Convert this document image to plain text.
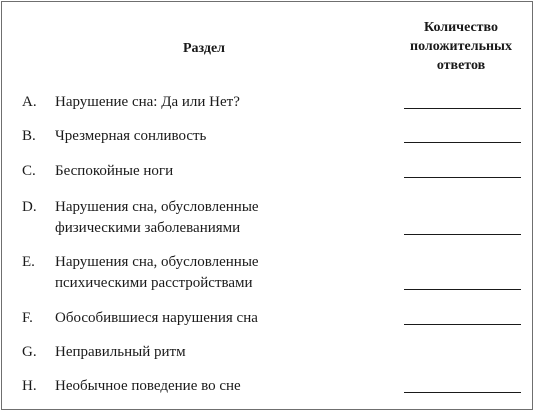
Раздел
Количество
положительных
ответов
A. Нарушение сна: Да или Нет?
B. Чрезмерная сонливость
C. Беспокойные ноги
D. Нарушения сна, обусловленные
физическими заболеваниями
E. Нарушения сна, обусловленные
психическими расстройствами
F. Обособившиеся нарушения сна
G. Неправильный ритм
H. Необычное поведение во сне
